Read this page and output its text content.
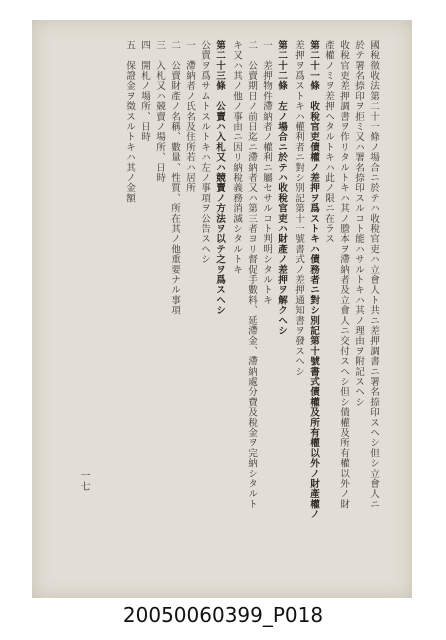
國稅徵收法第二十一條ノ場合ニ於テハ收稅官吏ハ立會人ト共ニ差押調書ニ署名捺印スヘシ但シ立會人ニ
於テ署名捺印ヲ拒ミ又ハ署名捺印スルコト能ハサルトキハ其ノ理由ヲ附記スヘシ
收稅官吏差押調書ヲ作リタルトキハ其ノ謄本ヲ滯納者及立會人ニ交付スヘシ但シ債權及所有權以外ノ財
產權ノミヲ差押ヘタルトキハ此ノ限ニ在ラス
第二十一條　收稅官吏債權ノ差押ヲ爲ストキハ債務者ニ對シ別記第十號書式債權及所有權以外ノ財產權ノ
差押ヲ爲ストキハ權利者ニ對シ別記第十一號書式ノ差押通知書ヲ發スヘシ
第二十二條　左ノ場合ニ於テハ收稅官吏ハ財產ノ差押ヲ解クヘシ
一　差押物件滯納者ノ權利ニ屬セサルコト判明シタルトキ
二　公賣期日ノ前日迄ニ滯納者又ハ第三者ヨリ督促手數料、延滯金、滯納處分費及稅金ヲ完納シタルト
キ又ハ其ノ他ノ事由ニ因リ納稅義務消滅シタルトキ
第二十三條　公賣ハ入札又ハ競賣ノ方法ヲ以テ之ヲ爲スヘシ
公賣ヲ爲サムトスルトキハ左ノ事項ヲ公告スヘシ
一　滯納者ノ氏名及住所若ハ居所
二　公賣財產ノ名稱、數量、性質、所在其ノ他重要ナル事項
三　入札又ハ競賣ノ場所、日時
四　開札ノ場所、日時
五　保證金ヲ徵スルトキハ其ノ金額
一七
20050060399_P018
